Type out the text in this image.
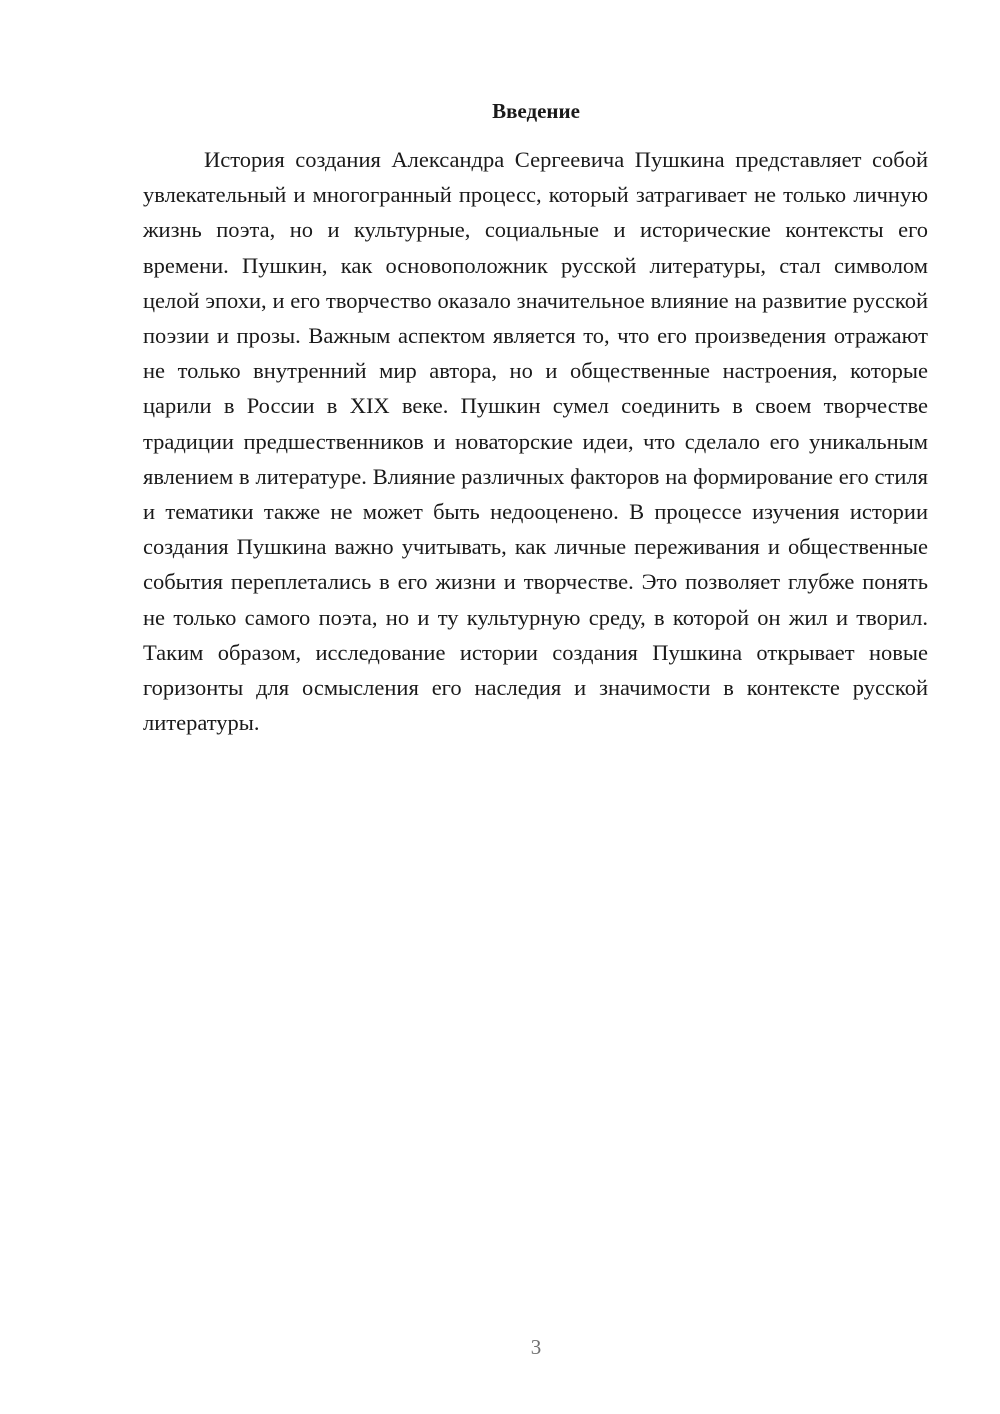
Введение

История создания Александра Сергеевича Пушкина представляет собой увлекательный и многогранный процесс, который затрагивает не только личную жизнь поэта, но и культурные, социальные и исторические контексты его времени. Пушкин, как основоположник русской литературы, стал символом целой эпохи, и его творчество оказало значительное влияние на развитие русской поэзии и прозы. Важным аспектом является то, что его произведения отражают не только внутренний мир автора, но и общественные настроения, которые царили в России в XIX веке. Пушкин сумел соединить в своем творчестве традиции предшественников и новаторские идеи, что сделало его уникальным явлением в литературе. Влияние различных факторов на формирование его стиля и тематики также не может быть недооценено. В процессе изучения истории создания Пушкина важно учитывать, как личные переживания и общественные события переплетались в его жизни и творчестве. Это позволяет глубже понять не только самого поэта, но и ту культурную среду, в которой он жил и творил. Таким образом, исследование истории создания Пушкина открывает новые горизонты для осмысления его наследия и значимости в контексте русской литературы.

3
